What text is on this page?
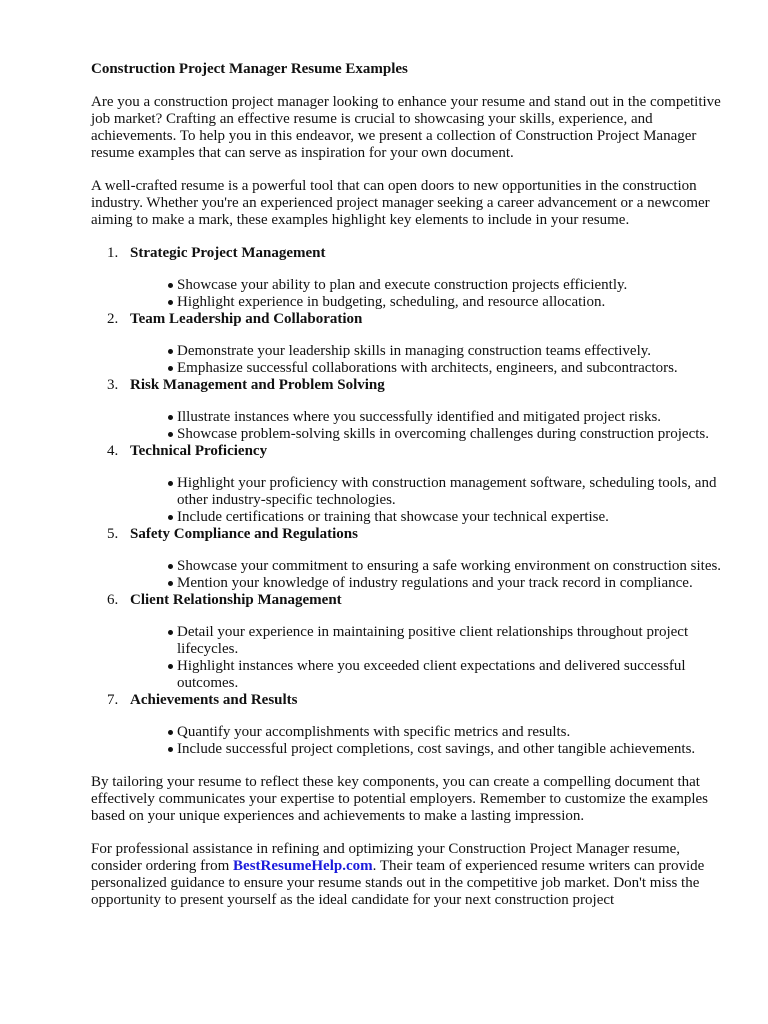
Construction Project Manager Resume Examples

Are you a construction project manager looking to enhance your resume and stand out in the competitive job market? Crafting an effective resume is crucial to showcasing your skills, experience, and achievements. To help you in this endeavor, we present a collection of Construction Project Manager resume examples that can serve as inspiration for your own document.

A well-crafted resume is a powerful tool that can open doors to new opportunities in the construction industry. Whether you're an experienced project manager seeking a career advancement or a newcomer aiming to make a mark, these examples highlight key elements to include in your resume.

1. Strategic Project Management
Showcase your ability to plan and execute construction projects efficiently.
Highlight experience in budgeting, scheduling, and resource allocation.
2. Team Leadership and Collaboration
Demonstrate your leadership skills in managing construction teams effectively.
Emphasize successful collaborations with architects, engineers, and subcontractors.
3. Risk Management and Problem Solving
Illustrate instances where you successfully identified and mitigated project risks.
Showcase problem-solving skills in overcoming challenges during construction projects.
4. Technical Proficiency
Highlight your proficiency with construction management software, scheduling tools, and other industry-specific technologies.
Include certifications or training that showcase your technical expertise.
5. Safety Compliance and Regulations
Showcase your commitment to ensuring a safe working environment on construction sites.
Mention your knowledge of industry regulations and your track record in compliance.
6. Client Relationship Management
Detail your experience in maintaining positive client relationships throughout project lifecycles.
Highlight instances where you exceeded client expectations and delivered successful outcomes.
7. Achievements and Results
Quantify your accomplishments with specific metrics and results.
Include successful project completions, cost savings, and other tangible achievements.

By tailoring your resume to reflect these key components, you can create a compelling document that effectively communicates your expertise to potential employers. Remember to customize the examples based on your unique experiences and achievements to make a lasting impression.

For professional assistance in refining and optimizing your Construction Project Manager resume, consider ordering from BestResumeHelp.com. Their team of experienced resume writers can provide personalized guidance to ensure your resume stands out in the competitive job market. Don't miss the opportunity to present yourself as the ideal candidate for your next construction project
